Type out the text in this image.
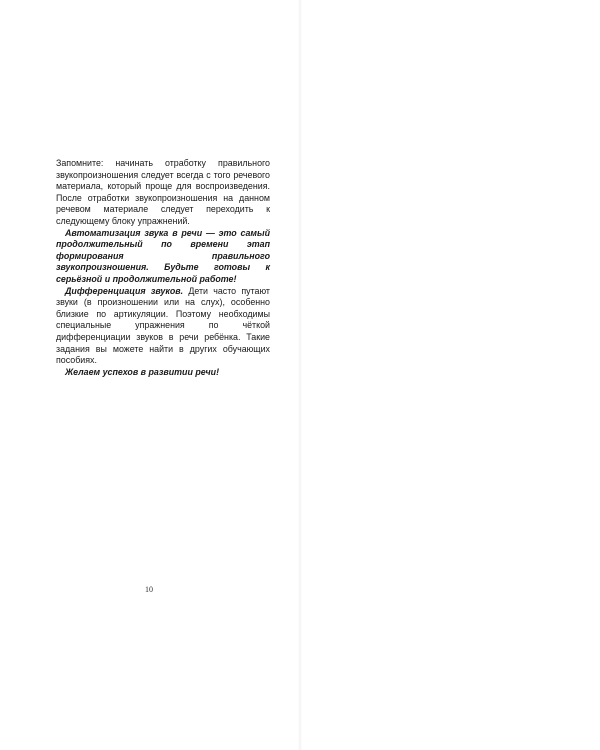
Запомните: начинать отработку правильного звукопроизношения следует всегда с того речевого материала, который проще для воспроизведения. После отработки звукопроизношения на данном речевом материале следует переходить к следующему блоку упражнений.

Автоматизация звука в речи — это самый продолжительный по времени этап формирования правильного звукопроизношения. Будьте готовы к серьёзной и продолжительной работе!

Дифференциация звуков. Дети часто путают звуки (в произношении или на слух), особенно близкие по артикуляции. Поэтому необходимы специальные упражнения по чёткой дифференциации звуков в речи ребёнка. Такие задания вы можете найти в других обучающих пособиях.

Желаем успехов в развитии речи!

10
